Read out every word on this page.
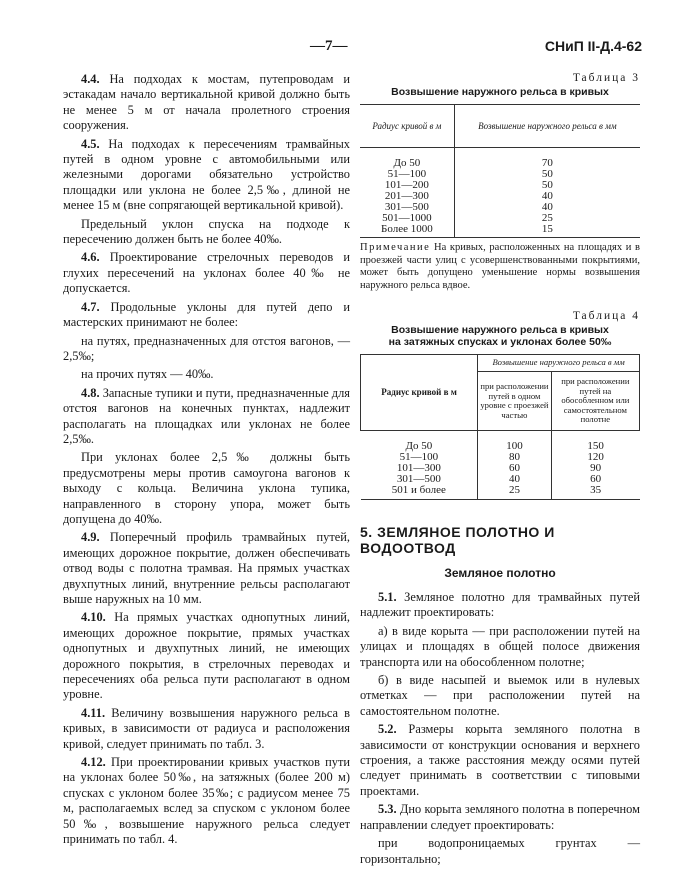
—7—	СНиП II-Д.4-62

4.4. На подходах к мостам, путепроводам и эстакадам начало вертикальной кривой должно быть не менее 5 м от начала пролетного строения сооружения.

4.5. На подходах к пересечениям трамвайных путей в одном уровне с автомобильными или железными дорогами обязательно устройство площадки или уклона не более 2,5‰, длиной не менее 15 м (вне сопрягающей вертикальной кривой).

Предельный уклон спуска на подходе к пересечению должен быть не более 40‰.

4.6. Проектирование стрелочных переводов и глухих пересечений на уклонах более 40‰ не допускается.

4.7. Продольные уклоны для путей депо и мастерских принимают не более:

на путях, предназначенных для отстоя вагонов, — 2,5‰;

на прочих путях — 40‰.

4.8. Запасные тупики и пути, предназначенные для отстоя вагонов на конечных пунктах, надлежит располагать на площадках или уклонах не более 2,5‰.

При уклонах более 2,5‰ должны быть предусмотрены меры против самоугона вагонов к выходу с кольца. Величина уклона тупика, направленного в сторону упора, может быть допущена до 40‰.

4.9. Поперечный профиль трамвайных путей, имеющих дорожное покрытие, должен обеспечивать отвод воды с полотна трамвая. На прямых участках двухпутных линий, внутренние рельсы располагают выше наружных на 10 мм.

4.10. На прямых участках однопутных линий, имеющих дорожное покрытие, прямых участках однопутных и двухпутных линий, не имеющих дорожного покрытия, в стрелочных переводах и пересечениях оба рельса пути располагают в одном уровне.

4.11. Величину возвышения наружного рельса в кривых, в зависимости от радиуса и расположения кривой, следует принимать по табл. 3.

4.12. При проектировании кривых участков пути на уклонах более 50‰, на затяжных (более 200 м) спусках с уклоном более 35‰; с радиусом менее 75 м, располагаемых вслед за спуском с уклоном более 50‰, возвышение наружного рельса следует принимать по табл. 4.

Таблица 3
Возвышение наружного рельса в кривых
Радиус кривой в м	Возвышение наружного рельса в мм
До 50	70
51—100	50
101—200	50
201—300	40
301—500	40
501—1000	25
Более 1000	15
Примечание На кривых, расположенных на площадях и в проезжей части улиц с усовершенствованными покрытиями, может быть допущено уменьшение нормы возвышения наружного рельса вдвое.
Таблица 4
Возвышение наружного рельса в кривых
на затяжных спусках и уклонах более 50‰
Радиус кривой в м	Возвышение наружного рельса в мм	
	при расположении путей в одном уровне с проезжей частью	при расположении путей на обособленном или самостоятельном полотне
До 50	100	150
51—100	80	120
101—300	60	90
301—500	40	60
501 и более	25	35
5. ЗЕМЛЯНОЕ ПОЛОТНО И ВОДООТВОД
Земляное полотно

5.1. Земляное полотно для трамвайных путей надлежит проектировать:

а) в виде корыта — при расположении путей на улицах и площадях в общей полосе движения транспорта или на обособленном полотне;

б) в виде насыпей и выемок или в нулевых отметках — при расположении путей на самостоятельном полотне.

5.2. Размеры корыта земляного полотна в зависимости от конструкции основания и верхнего строения, а также расстояния между осями путей следует принимать в соответствии с типовыми проектами.

5.3. Дно корыта земляного полотна в поперечном направлении следует проектировать:

при водопроницаемых грунтах — горизонтально;
